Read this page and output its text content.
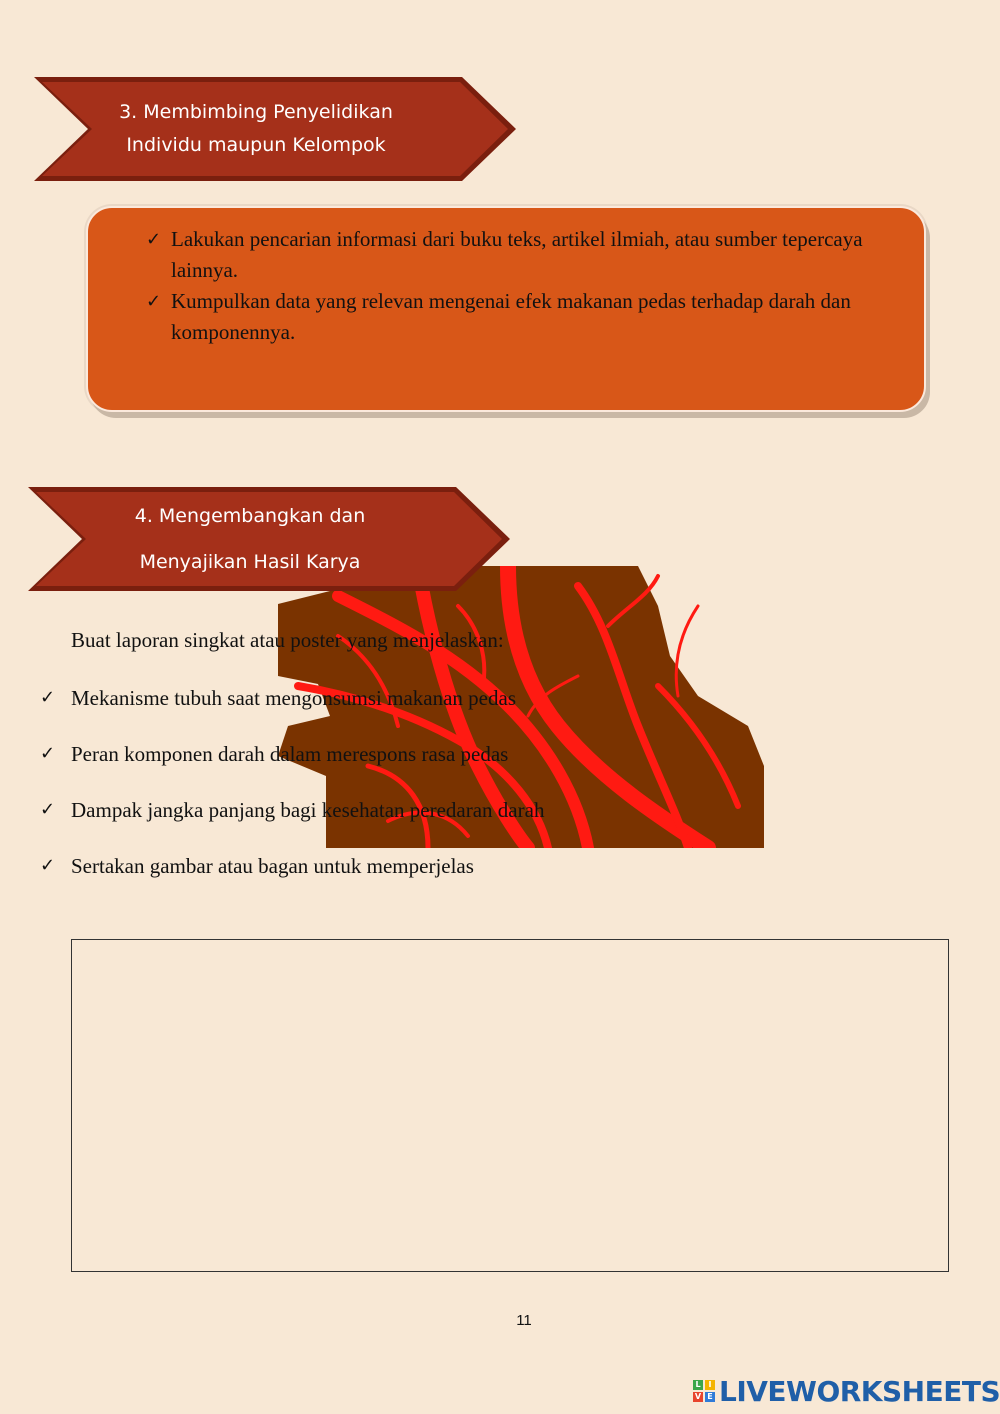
3. Membimbing Penyelidikan
Individu maupun Kelompok
✓ Lakukan pencarian informasi dari buku teks, artikel ilmiah, atau sumber tepercaya lainnya.
✓ Kumpulkan data yang relevan mengenai efek makanan pedas terhadap darah dan komponennya.
4. Mengembangkan dan
Menyajikan Hasil Karya
Buat laporan singkat atau poster yang menjelaskan:
✓ Mekanisme tubuh saat mengonsumsi makanan pedas
✓ Peran komponen darah dalam merespons rasa pedas
✓ Dampak jangka panjang bagi kesehatan peredaran darah
✓ Sertakan gambar atau bagan untuk memperjelas
11
L I
V E LIVEWORKSHEETS
